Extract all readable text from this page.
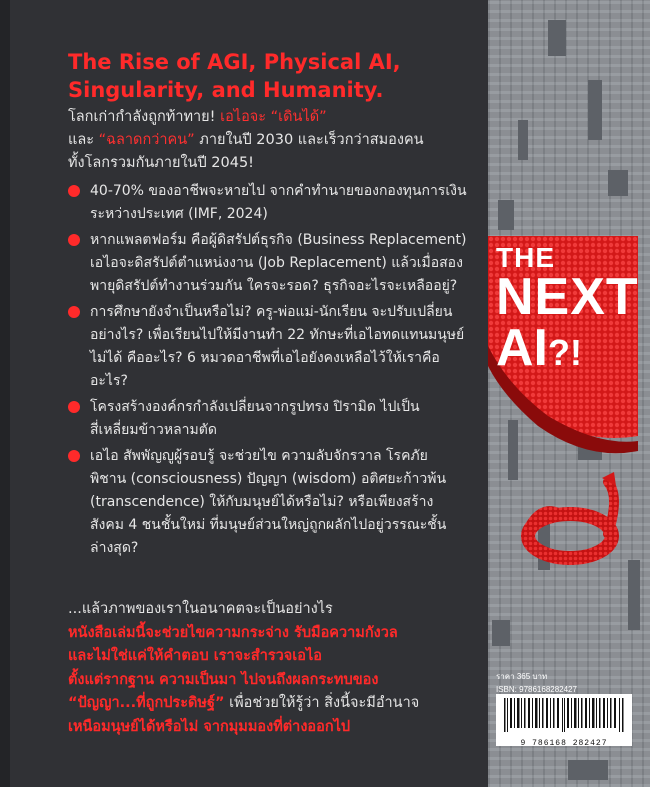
The Rise of AGI, Physical AI,
Singularity, and Humanity.
โลกเก่ากำลังถูกท้าทาย! เอไอจะ “เดินได้”
และ “ฉลาดกว่าคน” ภายในปี 2030 และเร็วกว่าสมองคน
ทั้งโลกรวมกันภายในปี 2045!
40-70% ของอาชีพจะหายไป จากคำทำนายของกองทุนการเงินระหว่างประเทศ (IMF, 2024)
หากแพลตฟอร์ม คือผู้ดิสรัปต์ธุรกิจ (Business Replacement) เอไอจะดิสรัปต์ตำแหน่งงาน (Job Replacement) แล้วเมื่อสองพายุดิสรัปต์ทำงานร่วมกัน ใครจะรอด? ธุรกิจอะไรจะเหลืออยู่?
การศึกษายังจำเป็นหรือไม่? ครู-พ่อแม่-นักเรียน จะปรับเปลี่ยนอย่างไร? เพื่อเรียนไปให้มีงานทำ 22 ทักษะที่เอไอทดแทนมนุษย์ไม่ได้ คืออะไร? 6 หมวดอาชีพที่เอไอยังคงเหลือไว้ให้เราคืออะไร?
โครงสร้างองค์กรกำลังเปลี่ยนจากรูปทรง ปิรามิด ไปเป็น สี่เหลี่ยมข้าวหลามตัด
เอไอ สัพพัญญูผู้รอบรู้ จะช่วยไข ความลับจักรวาล โรคภัย พิชาน (consciousness) ปัญญา (wisdom) อติศยะก้าวพ้น (transcendence) ให้กับมนุษย์ได้หรือไม่? หรือเพียงสร้าง สังคม 4 ชนชั้นใหม่ ที่มนุษย์ส่วนใหญ่ถูกผลักไปอยู่วรรณะชั้นล่างสุด?
...แล้วภาพของเราในอนาคตจะเป็นอย่างไร
หนังสือเล่มนี้จะช่วยไขความกระจ่าง รับมือความกังวล
และไม่ใช่แค่ให้คำตอบ เราจะสำรวจเอไอ
ตั้งแต่รากฐาน ความเป็นมา ไปจนถึงผลกระทบของ
“ปัญญา...ที่ถูกประดิษฐ์” เพื่อช่วยให้รู้ว่า สิ่งนี้จะมีอำนาจ
เหนือมนุษย์ได้หรือไม่ จากมุมมองที่ต่างออกไป
THE
NEXT
AI?!
ราคา 365 บาท
ISBN: 9786168282427
9 786168 282427
